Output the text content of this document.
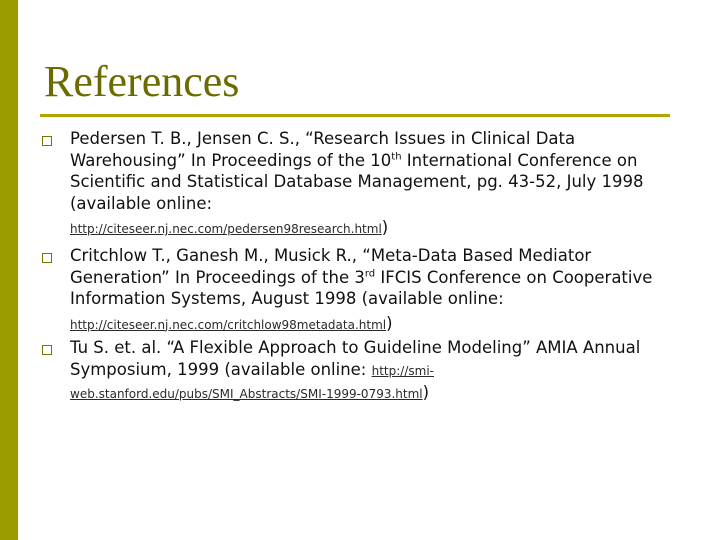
References
Pedersen T. B., Jensen C. S., “Research Issues in Clinical Data Warehousing” In Proceedings of the 10th International Conference on Scientific and Statistical Database Management, pg. 43-52, July 1998 (available online:
http://citeseer.nj.nec.com/pedersen98research.html)
Critchlow T., Ganesh M., Musick R., “Meta-Data Based Mediator Generation” In Proceedings of the 3rd IFCIS Conference on Cooperative Information Systems, August 1998 (available online:
http://citeseer.nj.nec.com/critchlow98metadata.html)
Tu S. et. al. “A Flexible Approach to Guideline Modeling” AMIA Annual Symposium, 1999 (available online: http://smi-web.stanford.edu/pubs/SMI_Abstracts/SMI-1999-0793.html)
